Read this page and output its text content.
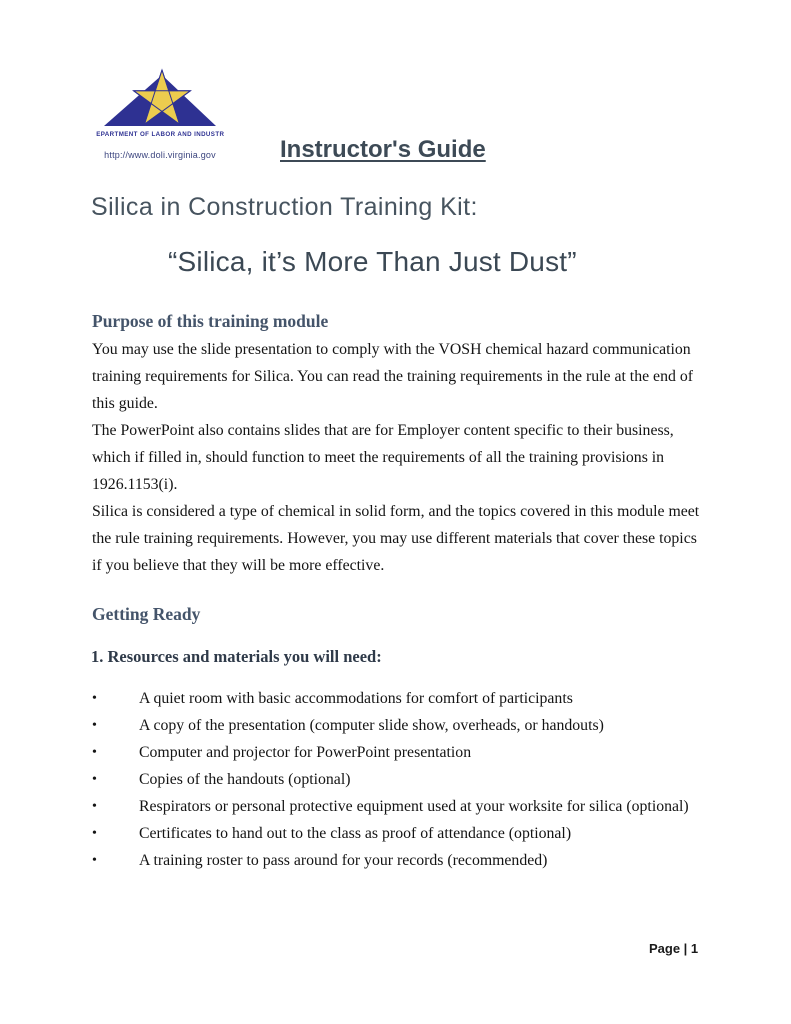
DEPARTMENT OF LABOR AND INDUSTRY
http://www.doli.virginia.gov	Instructor's Guide
Silica in Construction Training Kit:
“Silica, it’s More Than Just Dust”
Purpose of this training module

You may use the slide presentation to comply with the VOSH chemical hazard communication training requirements for Silica. You can read the training requirements in the rule at the end of this guide.

The PowerPoint also contains slides that are for Employer content specific to their business, which if filled in, should function to meet the requirements of all the training provisions in 1926.1153(i).

Silica is considered a type of chemical in solid form, and the topics covered in this module meet the rule training requirements. However, you may use different materials that cover these topics if you believe that they will be more effective.

Getting Ready
1. Resources and materials you will need:
•	A quiet room with basic accommodations for comfort of participants
•	A copy of the presentation (computer slide show, overheads, or handouts)
•	Computer and projector for PowerPoint presentation
•	Copies of the handouts (optional)
•	Respirators or personal protective equipment used at your worksite for silica (optional)
•	Certificates to hand out to the class as proof of attendance (optional)
•	A training roster to pass around for your records (recommended)
Page | 1
